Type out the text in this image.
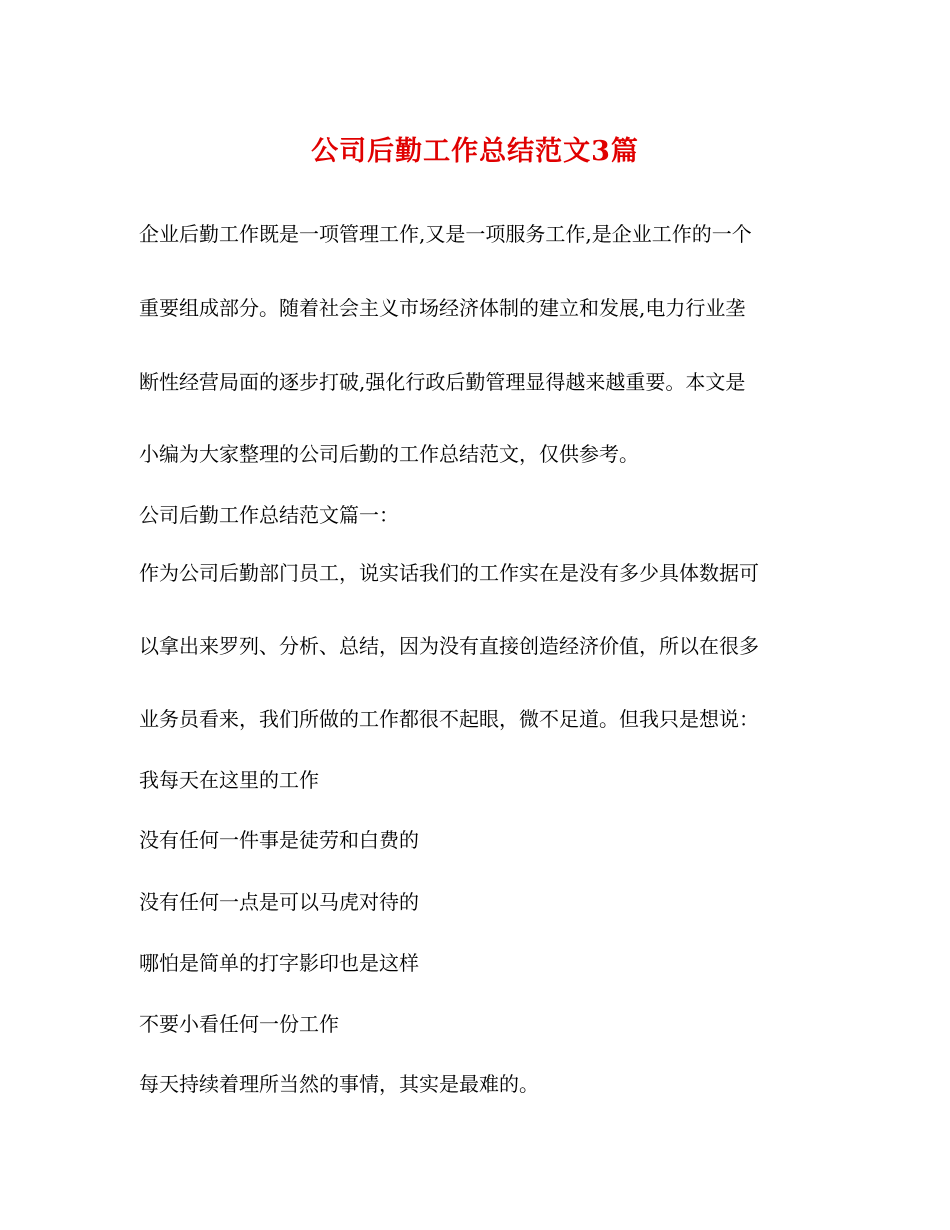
公司后勤工作总结范文3篇

企业后勤工作既是一项管理工作,又是一项服务工作,是企业工作的一个

重要组成部分。随着社会主义市场经济体制的建立和发展,电力行业垄

断性经营局面的逐步打破,强化行政后勤管理显得越来越重要。本文是

小编为大家整理的公司后勤的工作总结范文，仅供参考。

公司后勤工作总结范文篇一：

作为公司后勤部门员工，说实话我们的工作实在是没有多少具体数据可

以拿出来罗列、分析、总结，因为没有直接创造经济价值，所以在很多

业务员看来，我们所做的工作都很不起眼，微不足道。但我只是想说：

我每天在这里的工作

没有任何一件事是徒劳和白费的

没有任何一点是可以马虎对待的

哪怕是简单的打字影印也是这样

不要小看任何一份工作

每天持续着理所当然的事情，其实是最难的。
